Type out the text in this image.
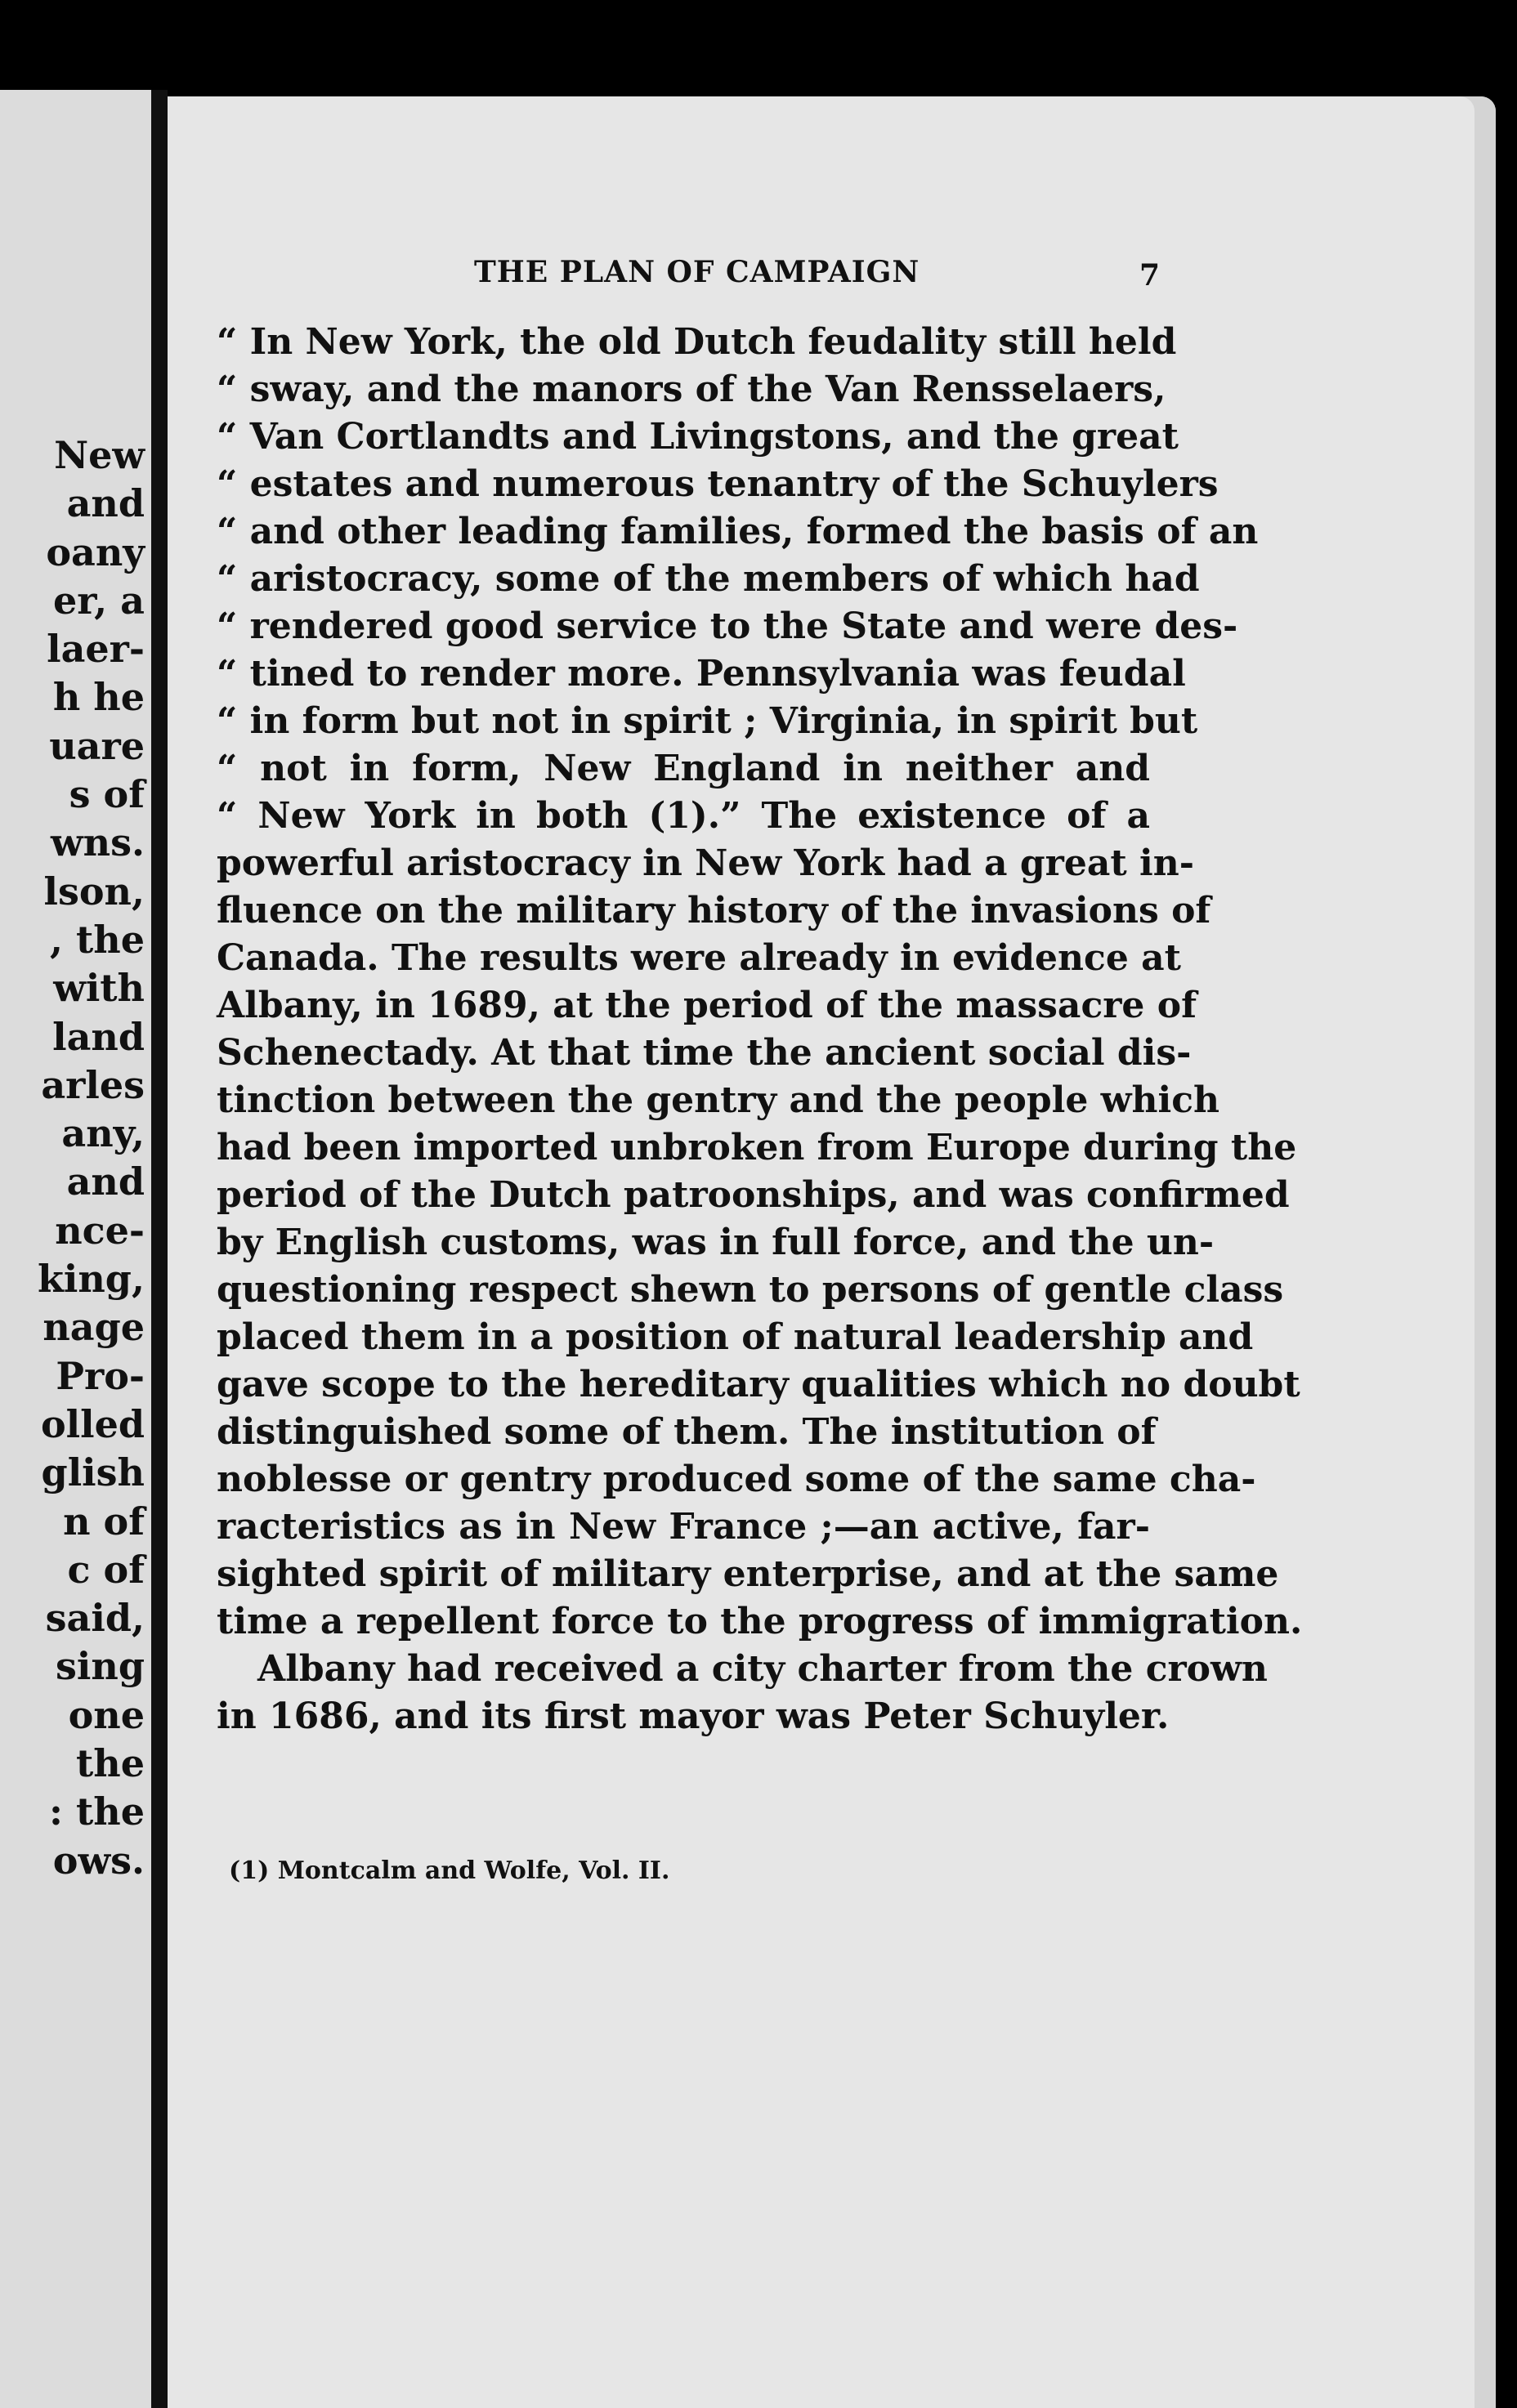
New
and
oany
er, a
laer-
h he
uare
s of
wns.
lson,
, the
with
land
arles
any,
and
nce-
king,
nage
Pro-
olled
glish
n of
c of
said,
sing
one
the
: the
ows.
THE PLAN OF CAMPAIGN	7
“ In New York, the old Dutch feudality still held
“ sway, and the manors of the Van Rensselaers,
“ Van Cortlandts and Livingstons, and the great
“ estates and numerous tenantry of the Schuylers
“ and other leading families, formed the basis of an
“ aristocracy, some of the members of which had
“ rendered good service to the State and were des-
“ tined to render more. Pennsylvania was feudal
“ in form but not in spirit ; Virginia, in spirit but
“ not in form, New England in neither and
“ New York in both (1).” The existence of a
powerful aristocracy in New York had a great in-
fluence on the military history of the invasions of
Canada. The results were already in evidence at
Albany, in 1689, at the period of the massacre of
Schenectady. At that time the ancient social dis-
tinction between the gentry and the people which
had been imported unbroken from Europe during the
period of the Dutch patroonships, and was confirmed
by English customs, was in full force, and the un-
questioning respect shewn to persons of gentle class
placed them in a position of natural leadership and
gave scope to the hereditary qualities which no doubt
distinguished some of them. The institution of
noblesse or gentry produced some of the same cha-
racteristics as in New France ;—an active, far-
sighted spirit of military enterprise, and at the same
time a repellent force to the progress of immigration.
Albany had received a city charter from the crown
in 1686, and its first mayor was Peter Schuyler.
(1) Montcalm and Wolfe, Vol. II.
